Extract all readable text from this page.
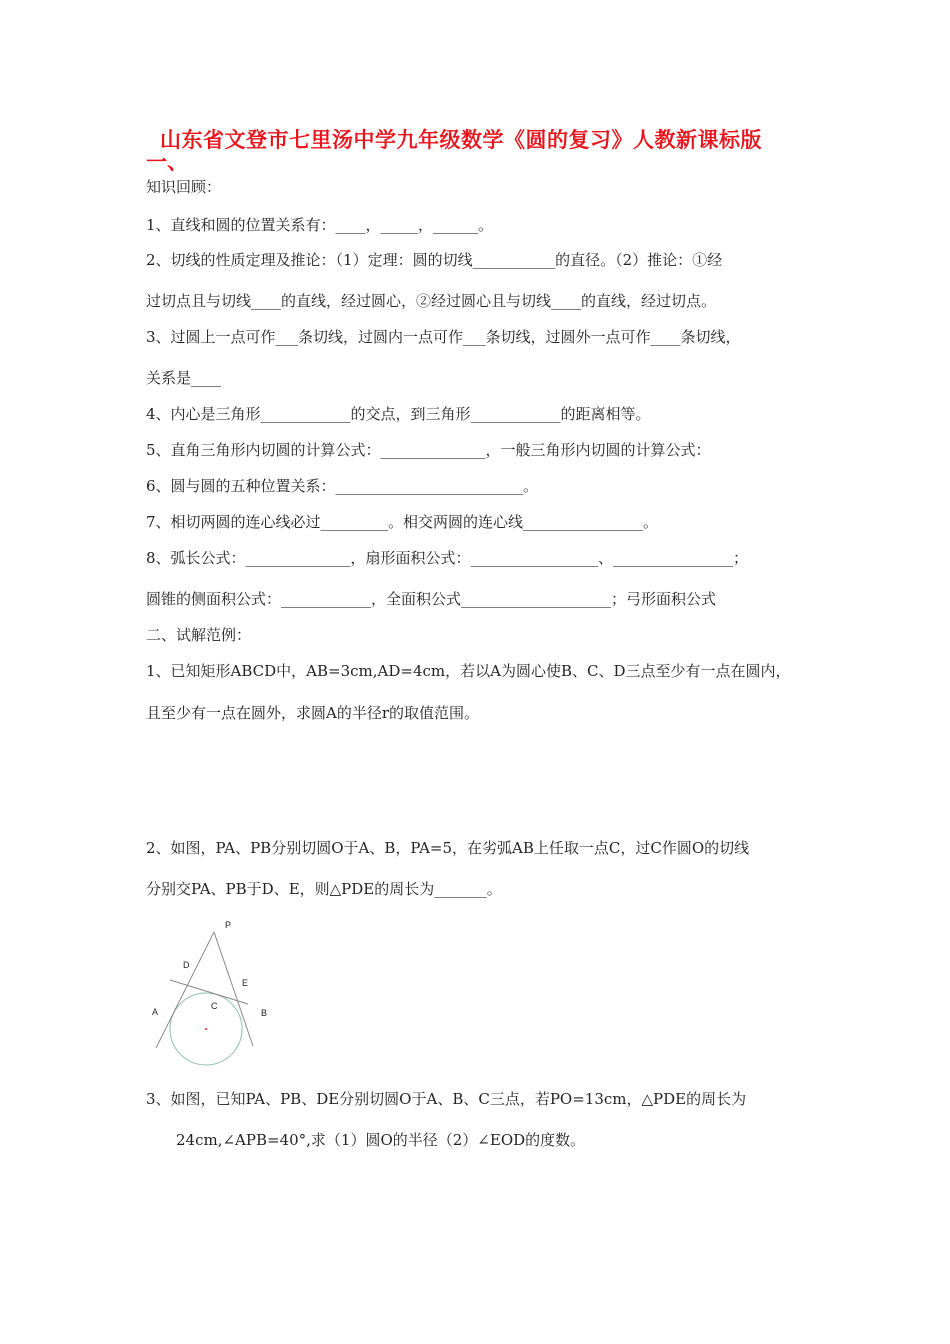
山东省文登市七里汤中学九年级数学《圆的复习》人教新课标版
一、
知识回顾：
1、直线和圆的位置关系有：____，_____，______。
2、切线的性质定理及推论：（1）定理：圆的切线___________的直径。（2）推论：①经
过切点且与切线____的直线，经过圆心，②经过圆心且与切线____的直线，经过切点。
3、过圆上一点可作___条切线，过圆内一点可作___条切线，过圆外一点可作____条切线，
关系是____
4、内心是三角形____________的交点，到三角形____________的距离相等。
5、直角三角形内切圆的计算公式：______________，一般三角形内切圆的计算公式：
6、圆与圆的五种位置关系：_________________________。
7、相切两圆的连心线必过_________。相交两圆的连心线________________。
8、弧长公式：______________，扇形面积公式：_________________、________________；
圆锥的侧面积公式：____________，全面积公式____________________；弓形面积公式
二、试解范例：
1、已知矩形ABCD中，AB=3cm,AD=4cm，若以A为圆心使B、C、D三点至少有一点在圆内，
且至少有一点在圆外，求圆A的半径r的取值范围。
2、如图，PA、PB分别切圆O于A、B，PA=5，在劣弧AB上任取一点C，过C作圆O的切线
分别交PA、PB于D、E，则△PDE的周长为_______。
P
D
E
C
A	B
3、如图，已知PA、PB、DE分别切圆O于A、B、C三点，若PO=13cm，△PDE的周长为
24cm,∠APB=40°,求（1）圆O的半径（2）∠EOD的度数。
